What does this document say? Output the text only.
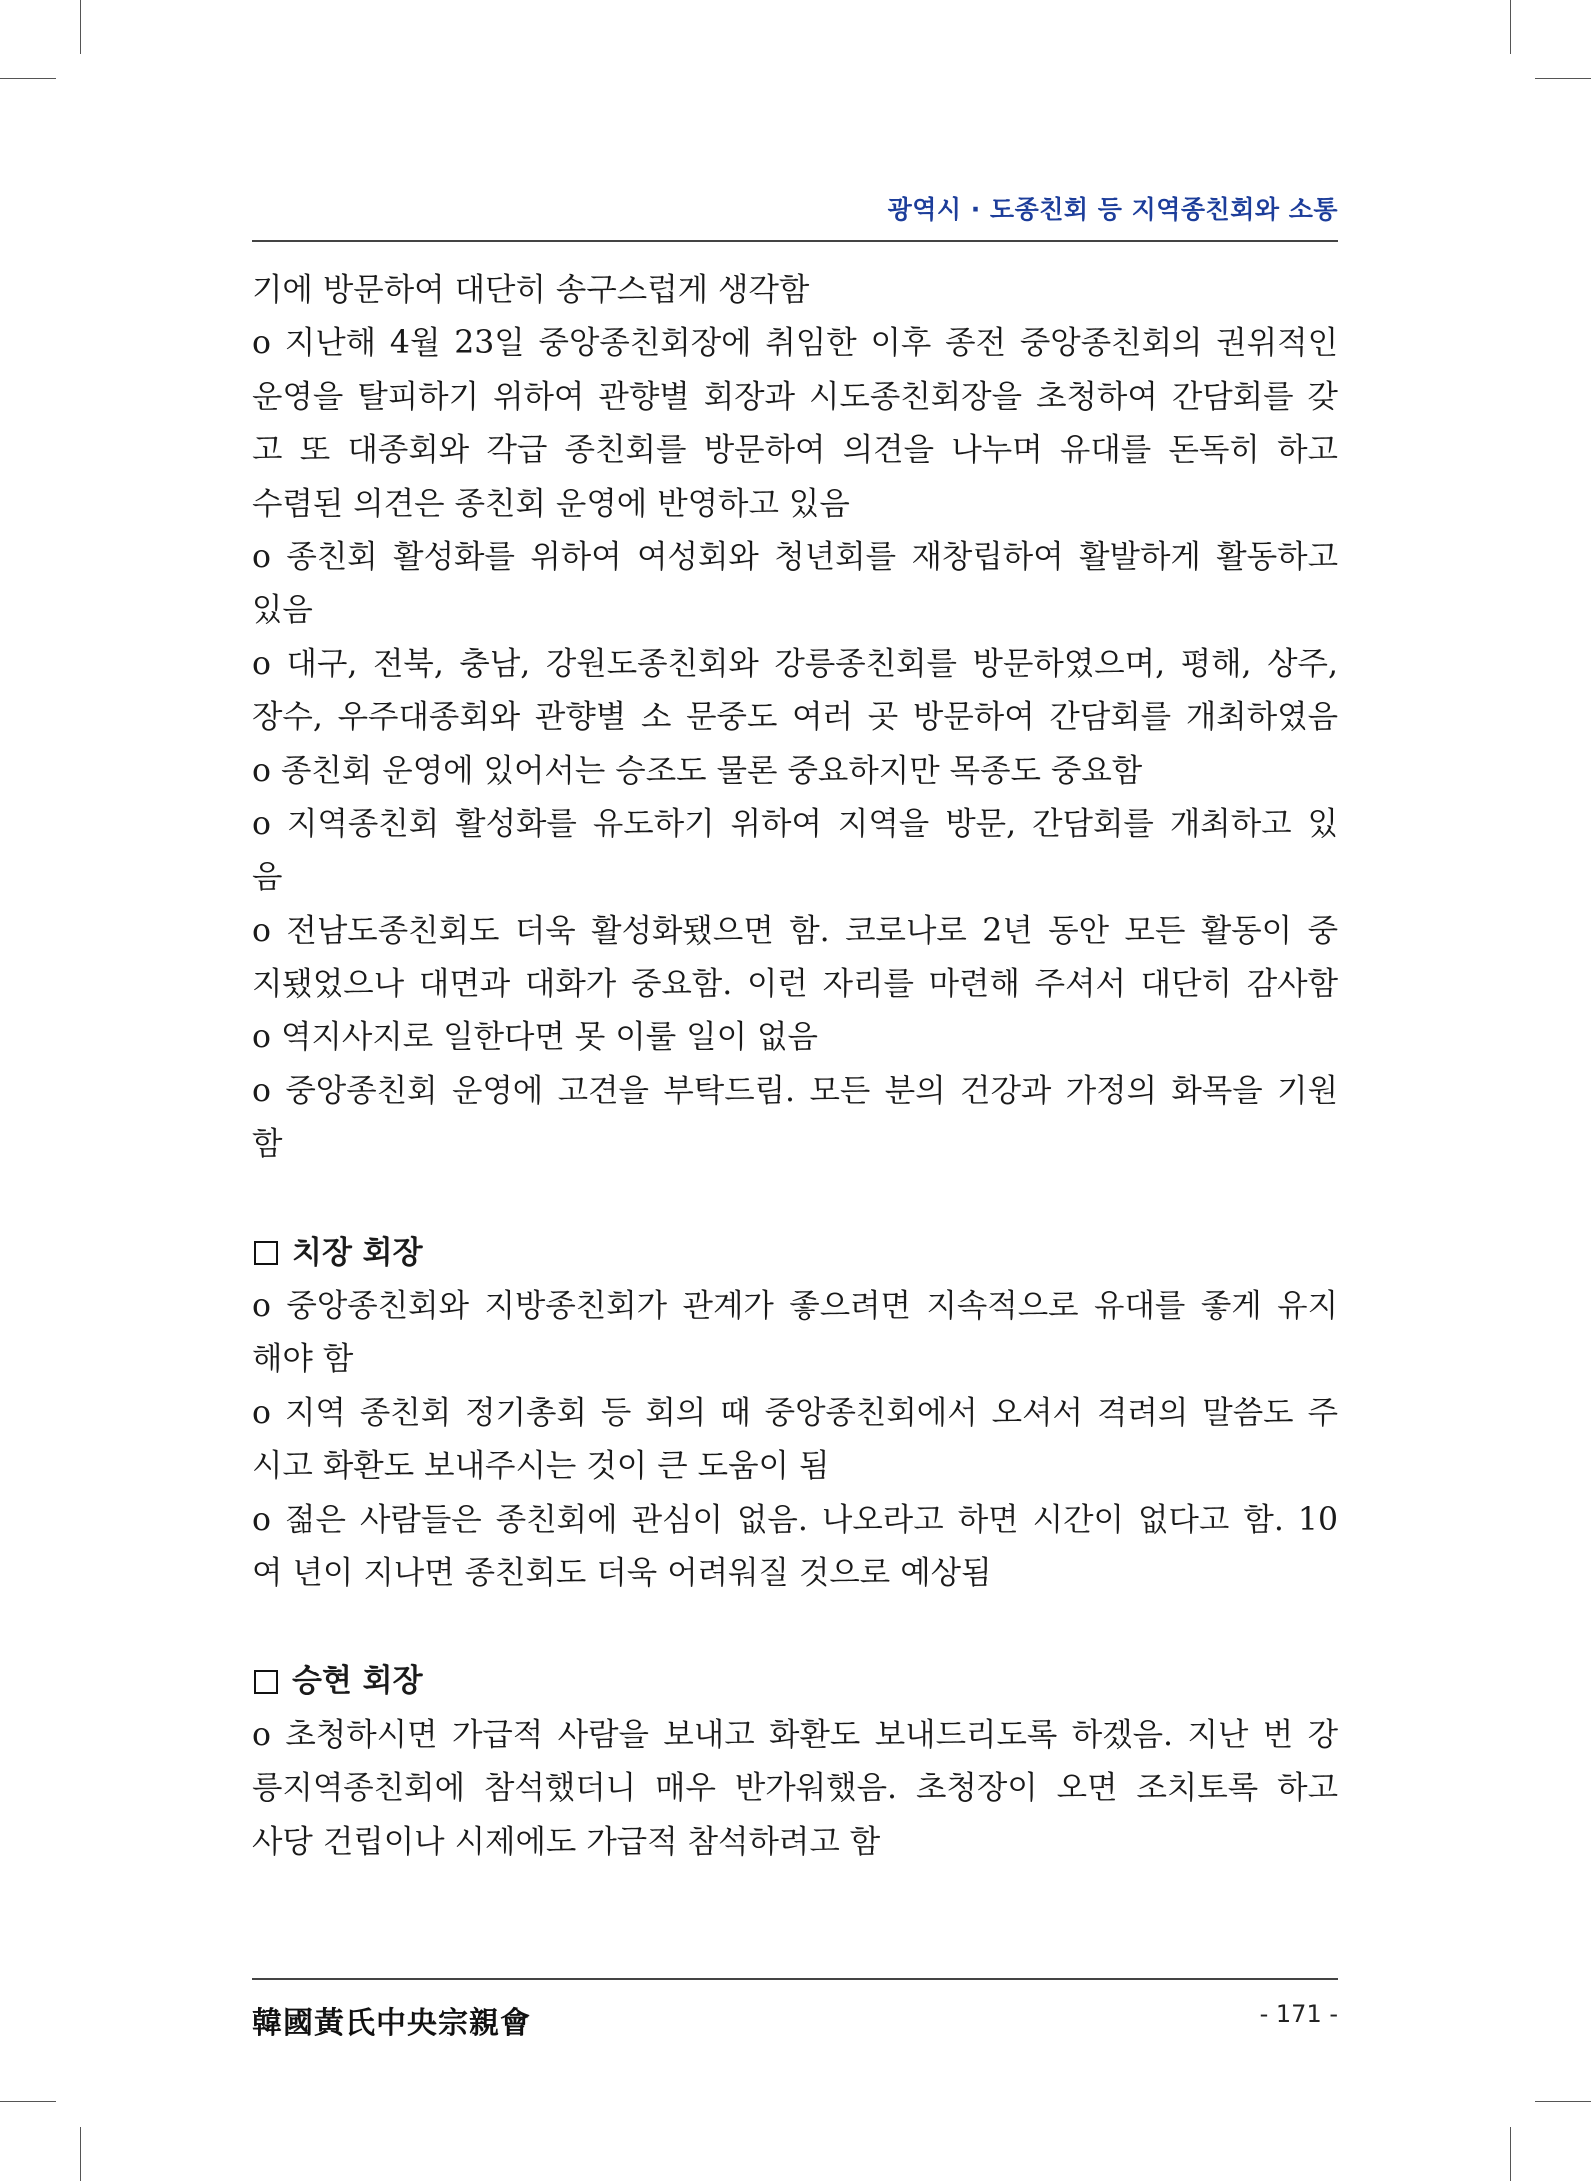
광역시 · 도종친회 등 지역종친회와 소통
기에 방문하여 대단히 송구스럽게 생각함
o 지난해 4월 23일 중앙종친회장에 취임한 이후 종전 중앙종친회의 권위적인
운영을 탈피하기 위하여 관향별 회장과 시도종친회장을 초청하여 간담회를 갖
고 또 대종회와 각급 종친회를 방문하여 의견을 나누며 유대를 돈독히 하고
수렴된 의견은 종친회 운영에 반영하고 있음
o 종친회 활성화를 위하여 여성회와 청년회를 재창립하여 활발하게 활동하고
있음
o 대구, 전북, 충남, 강원도종친회와 강릉종친회를 방문하였으며, 평해, 상주,
장수, 우주대종회와 관향별 소 문중도 여러 곳 방문하여 간담회를 개최하였음
o 종친회 운영에 있어서는 승조도 물론 중요하지만 목종도 중요함
o 지역종친회 활성화를 유도하기 위하여 지역을 방문, 간담회를 개최하고 있
음
o 전남도종친회도 더욱 활성화됐으면 함. 코로나로 2년 동안 모든 활동이 중
지됐었으나 대면과 대화가 중요함. 이런 자리를 마련해 주셔서 대단히 감사함
o 역지사지로 일한다면 못 이룰 일이 없음
o 중앙종친회 운영에 고견을 부탁드림. 모든 분의 건강과 가정의 화목을 기원
함
치장 회장
o 중앙종친회와 지방종친회가 관계가 좋으려면 지속적으로 유대를 좋게 유지
해야 함
o 지역 종친회 정기총회 등 회의 때 중앙종친회에서 오셔서 격려의 말씀도 주
시고 화환도 보내주시는 것이 큰 도움이 됨
o 젊은 사람들은 종친회에 관심이 없음. 나오라고 하면 시간이 없다고 함. 10
여 년이 지나면 종친회도 더욱 어려워질 것으로 예상됨
승현 회장
o 초청하시면 가급적 사람을 보내고 화환도 보내드리도록 하겠음. 지난 번 강
릉지역종친회에 참석했더니 매우 반가워했음. 초청장이 오면 조치토록 하고
사당 건립이나 시제에도 가급적 참석하려고 함
韓國黃氏中央宗親會	- 171 -
